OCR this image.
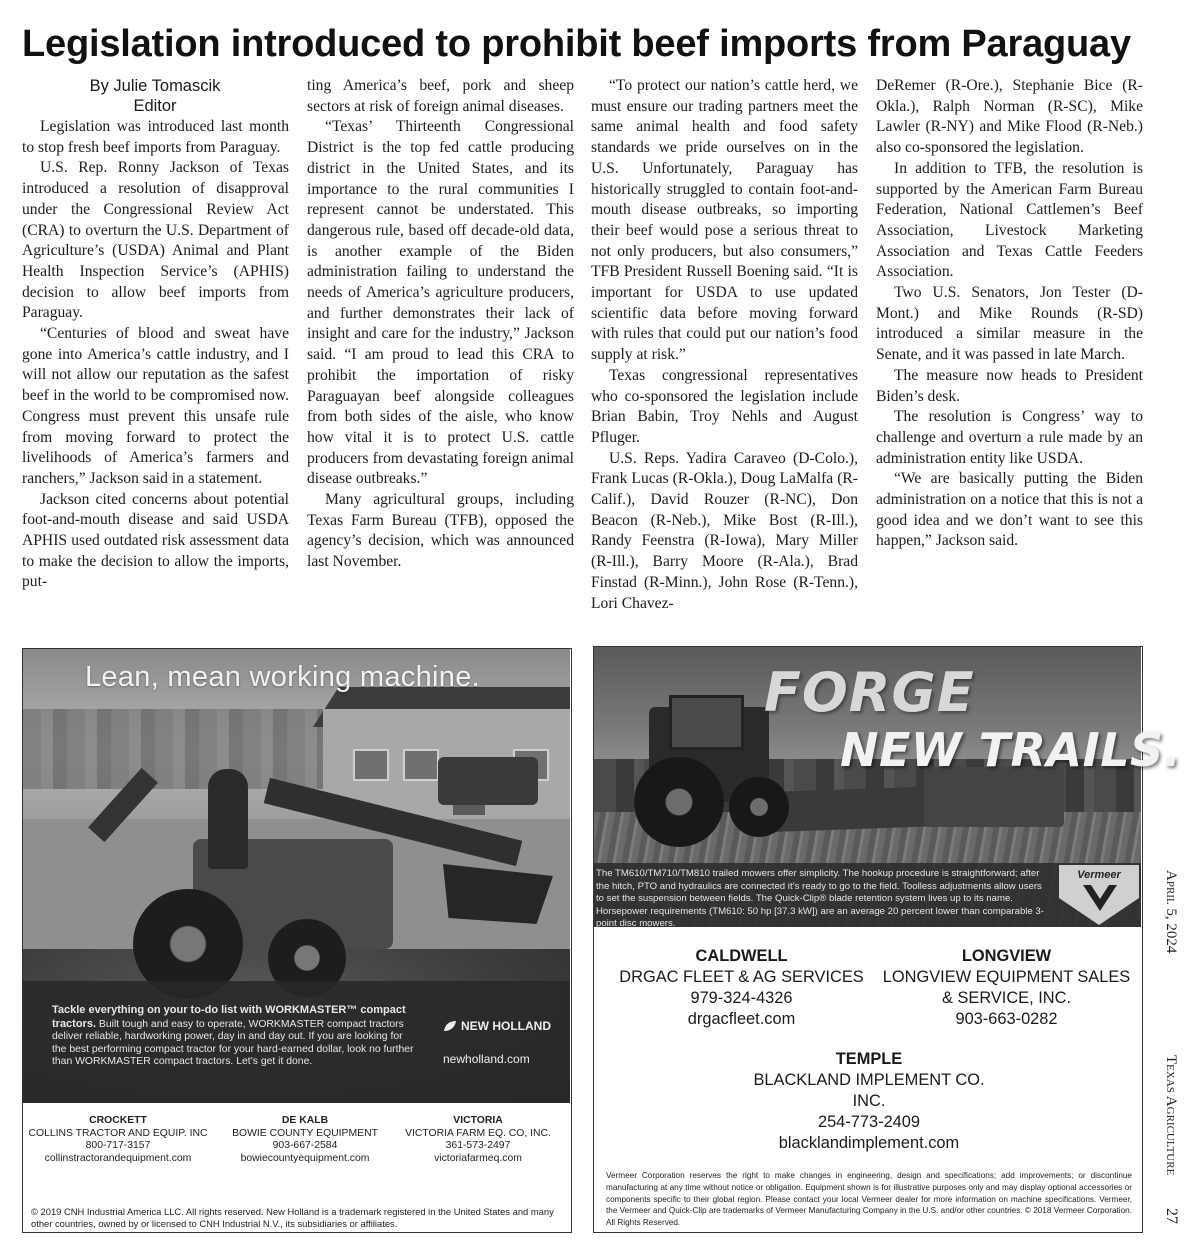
Legislation introduced to prohibit beef imports from Paraguay
By Julie Tomascik
Editor

Legislation was introduced last month to stop fresh beef imports from Paraguay.

U.S. Rep. Ronny Jackson of Texas introduced a resolution of disapproval under the Congressional Review Act (CRA) to overturn the U.S. Department of Agriculture’s (USDA) Animal and Plant Health Inspection Service’s (APHIS) decision to allow beef imports from Paraguay.

“Centuries of blood and sweat have gone into America’s cattle industry, and I will not allow our reputation as the safest beef in the world to be compromised now. Congress must prevent this unsafe rule from moving forward to protect the livelihoods of America’s farmers and ranchers,” Jackson said in a statement.

Jackson cited concerns about potential foot-and-mouth disease and said USDA APHIS used outdated risk assessment data to make the decision to allow the imports, put-

ting America’s beef, pork and sheep sectors at risk of foreign animal diseases.

“Texas’ Thirteenth Congressional District is the top fed cattle producing district in the United States, and its importance to the rural communities I represent cannot be understated. This dangerous rule, based off decade-old data, is another example of the Biden administration failing to understand the needs of America’s agriculture producers, and further demonstrates their lack of insight and care for the industry,” Jackson said. “I am proud to lead this CRA to prohibit the importation of risky Paraguayan beef alongside colleagues from both sides of the aisle, who know how vital it is to protect U.S. cattle producers from devastating foreign animal disease outbreaks.”

Many agricultural groups, including Texas Farm Bureau (TFB), opposed the agency’s decision, which was announced last November.

“To protect our nation’s cattle herd, we must ensure our trading partners meet the same animal health and food safety standards we pride ourselves on in the U.S. Unfortunately, Paraguay has historically struggled to contain foot-and-mouth disease outbreaks, so importing their beef would pose a serious threat to not only producers, but also consumers,” TFB President Russell Boening said. “It is important for USDA to use updated scientific data before moving forward with rules that could put our nation’s food supply at risk.”

Texas congressional representatives who co-sponsored the legislation include Brian Babin, Troy Nehls and August Pfluger.

U.S. Reps. Yadira Caraveo (D-Colo.), Frank Lucas (R-Okla.), Doug LaMalfa (R-Calif.), David Rouzer (R-NC), Don Beacon (R-Neb.), Mike Bost (R-Ill.), Randy Feenstra (R-Iowa), Mary Miller (R-Ill.), Barry Moore (R-Ala.), Brad Finstad (R-Minn.), John Rose (R-Tenn.), Lori Chavez-

DeRemer (R-Ore.), Stephanie Bice (R-Okla.), Ralph Norman (R-SC), Mike Lawler (R-NY) and Mike Flood (R-Neb.) also co-sponsored the legislation.

In addition to TFB, the resolution is supported by the American Farm Bureau Federation, National Cattlemen’s Beef Association, Livestock Marketing Association and Texas Cattle Feeders Association.

Two U.S. Senators, Jon Tester (D-Mont.) and Mike Rounds (R-SD) introduced a similar measure in the Senate, and it was passed in late March.

The measure now heads to President Biden’s desk.

The resolution is Congress’ way to challenge and overturn a rule made by an administration entity like USDA.

“We are basically putting the Biden administration on a notice that this is not a good idea and we don’t want to see this happen,” Jackson said.

April 5, 2024
Texas Agriculture
27
Lean, mean working machine.
Tackle everything on your to-do list with WORKMASTER™ compact tractors. Built tough and easy to operate, WORKMASTER compact tractors deliver reliable, hardworking power, day in and day out. If you are looking for the best performing compact tractor for your hard-earned dollar, look no further than WORKMASTER compact tractors. Let’s get it done.
NEW HOLLAND
newholland.com
CROCKETT
COLLINS TRACTOR AND EQUIP. INC
800-717-3157
collinstractorandequipment.com
DE KALB
BOWIE COUNTY EQUIPMENT
903-667-2584
bowiecountyequipment.com
VICTORIA
VICTORIA FARM EQ. CO, INC.
361-573-2497
victoriafarmeq.com
© 2019 CNH Industrial America LLC. All rights reserved. New Holland is a trademark registered in the United States and many other countries, owned by or licensed to CNH Industrial N.V., its subsidiaries or affiliates.
FORGE
NEW TRAILS.
The TM610/TM710/TM810 trailed mowers offer simplicity. The hookup procedure is straightforward; after the hitch, PTO and hydraulics are connected it’s ready to go to the field. Toolless adjustments allow users to set the suspension between fields. The Quick-Clip® blade retention system lives up to its name. Horsepower requirements (TM610: 50 hp [37.3 kW]) are an average 20 percent lower than comparable 3-point disc mowers.
Vermeer
CALDWELL
DRGAC FLEET & AG SERVICES
979-324-4326
drgacfleet.com
LONGVIEW
LONGVIEW EQUIPMENT SALES
& SERVICE, INC.
903-663-0282
TEMPLE
BLACKLAND IMPLEMENT CO.
INC.
254-773-2409
blacklandimplement.com
Vermeer Corporation reserves the right to make changes in engineering, design and specifications; add improvements; or discontinue manufacturing at any time without notice or obligation. Equipment shown is for illustrative purposes only and may display optional accessories or components specific to their global region. Please contact your local Vermeer dealer for more information on machine specifications. Vermeer, the Vermeer and Quick-Clip are trademarks of Vermeer Manufacturing Company in the U.S. and/or other countries. © 2018 Vermeer Corporation. All Rights Reserved.
